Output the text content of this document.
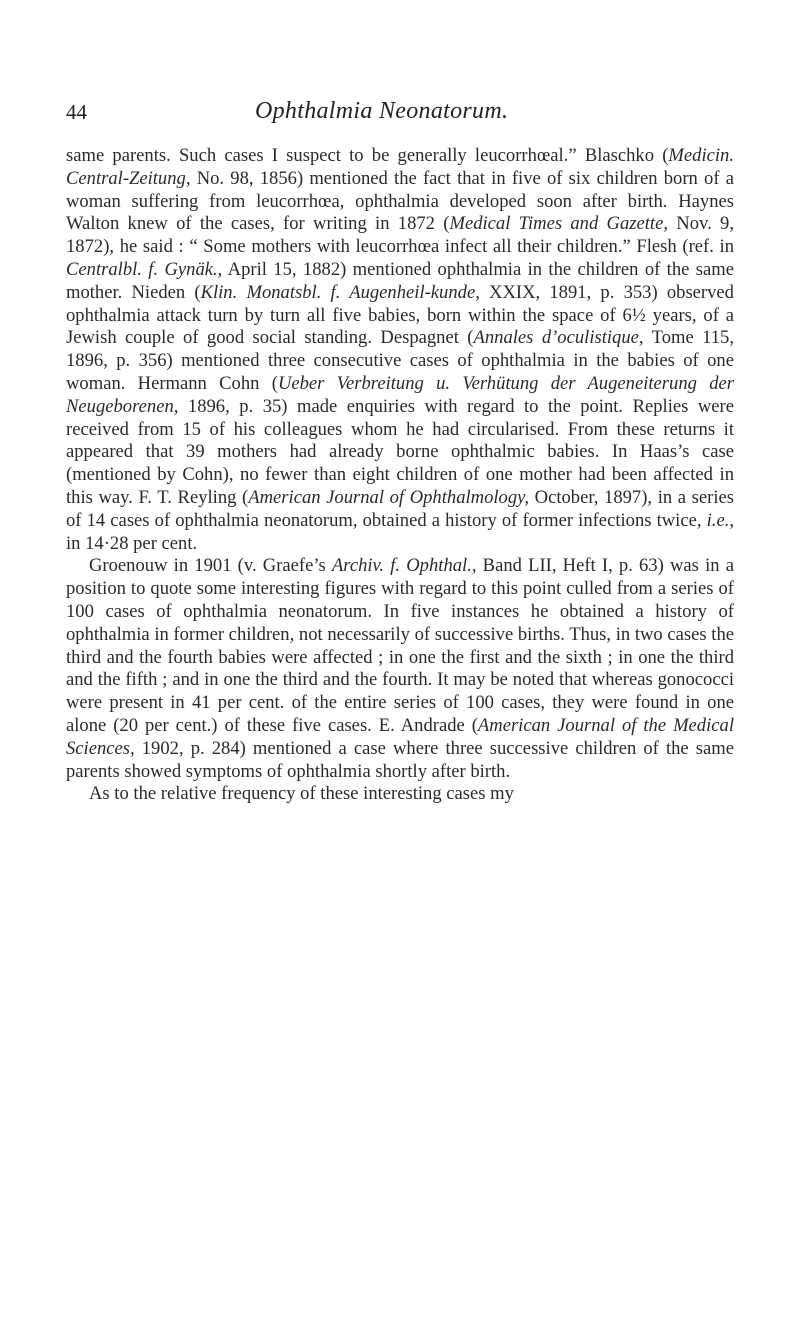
44	Ophthalmia Neonatorum.

same parents. Such cases I suspect to be generally leucorrhœal.” Blaschko (Medicin. Central-Zeitung, No. 98, 1856) mentioned the fact that in five of six children born of a woman suffering from leucorrhœa, ophthalmia developed soon after birth. Haynes Walton knew of the cases, for writing in 1872 (Medical Times and Gazette, Nov. 9, 1872), he said : “ Some mothers with leucorrhœa infect all their children.” Flesh (ref. in Centralbl. f. Gynäk., April 15, 1882) mentioned ophthalmia in the children of the same mother. Nieden (Klin. Monatsbl. f. Augenheil-kunde, XXIX, 1891, p. 353) observed ophthalmia attack turn by turn all five babies, born within the space of 6½ years, of a Jewish couple of good social standing. Despagnet (Annales d’oculistique, Tome 115, 1896, p. 356) mentioned three consecutive cases of ophthalmia in the babies of one woman. Hermann Cohn (Ueber Verbreitung u. Verhütung der Augeneiterung der Neugeborenen, 1896, p. 35) made enquiries with regard to the point. Replies were received from 15 of his colleagues whom he had circularised. From these returns it appeared that 39 mothers had already borne ophthalmic babies. In Haas’s case (mentioned by Cohn), no fewer than eight children of one mother had been affected in this way. F. T. Reyling (American Journal of Ophthalmology, October, 1897), in a series of 14 cases of ophthalmia neonatorum, obtained a history of former infections twice, i.e., in 14·28 per cent.

Groenouw in 1901 (v. Graefe’s Archiv. f. Ophthal., Band LII, Heft I, p. 63) was in a position to quote some interesting figures with regard to this point culled from a series of 100 cases of ophthalmia neonatorum. In five instances he obtained a history of ophthalmia in former children, not necessarily of successive births. Thus, in two cases the third and the fourth babies were affected ; in one the first and the sixth ; in one the third and the fifth ; and in one the third and the fourth. It may be noted that whereas gonococci were present in 41 per cent. of the entire series of 100 cases, they were found in one alone (20 per cent.) of these five cases. E. Andrade (American Journal of the Medical Sciences, 1902, p. 284) mentioned a case where three successive children of the same parents showed symptoms of ophthalmia shortly after birth.

As to the relative frequency of these interesting cases my
